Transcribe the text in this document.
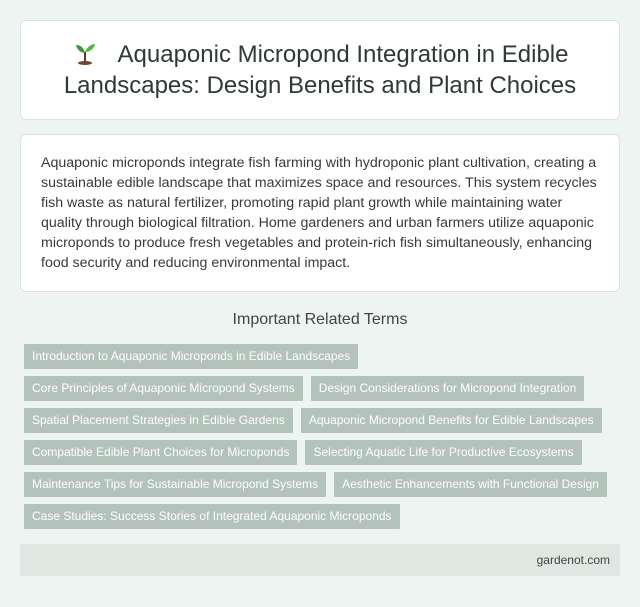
Aquaponic Micropond Integration in Edible Landscapes: Design Benefits and Plant Choices

Aquaponic microponds integrate fish farming with hydroponic plant cultivation, creating a sustainable edible landscape that maximizes space and resources. This system recycles fish waste as natural fertilizer, promoting rapid plant growth while maintaining water quality through biological filtration. Home gardeners and urban farmers utilize aquaponic microponds to produce fresh vegetables and protein-rich fish simultaneously, enhancing food security and reducing environmental impact.

Important Related Terms
Introduction to Aquaponic Microponds in Edible Landscapes
Core Principles of Aquaponic Micropond Systems	Design Considerations for Micropond Integration
Spatial Placement Strategies in Edible Gardens	Aquaponic Micropond Benefits for Edible Landscapes
Compatible Edible Plant Choices for Microponds	Selecting Aquatic Life for Productive Ecosystems
Maintenance Tips for Sustainable Micropond Systems	Aesthetic Enhancements with Functional Design
Case Studies: Success Stories of Integrated Aquaponic Microponds
gardenot.com
